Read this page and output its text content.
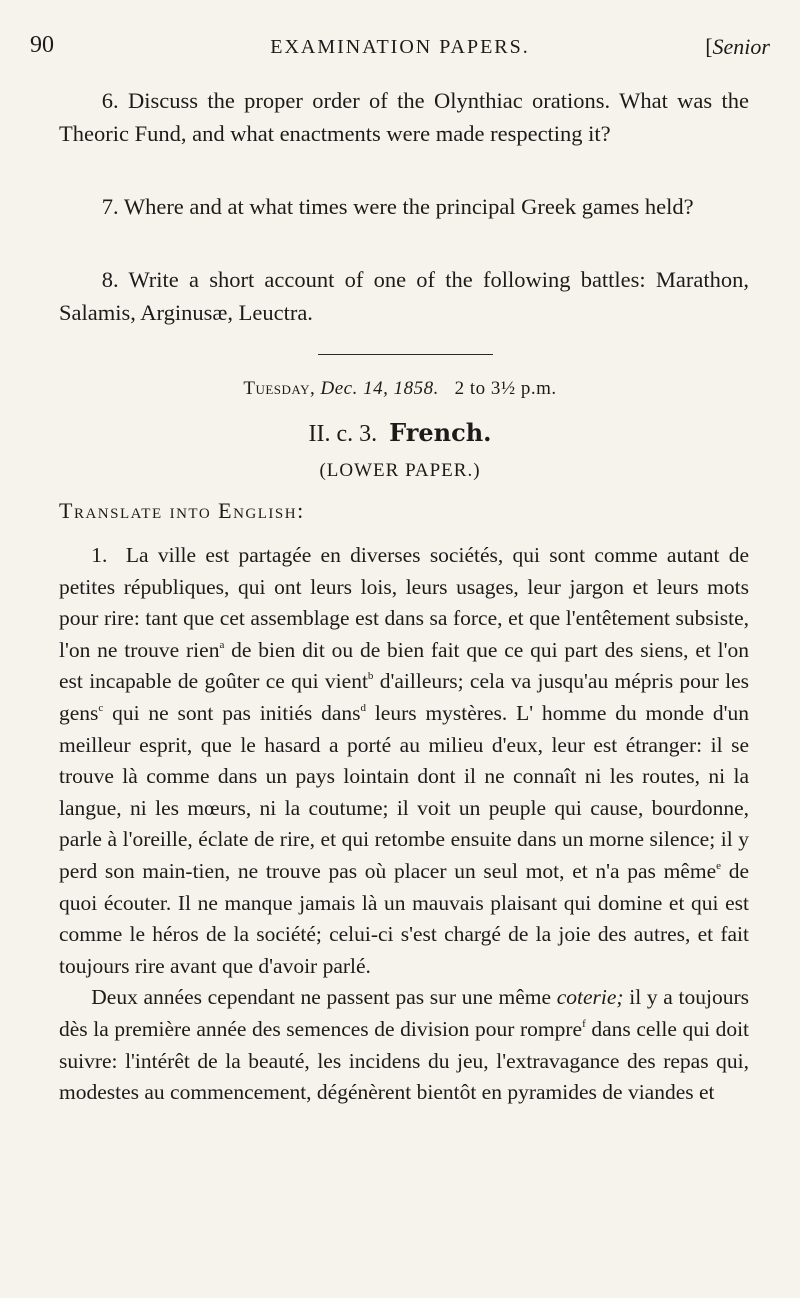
90	EXAMINATION PAPERS.	[Senior
6. Discuss the proper order of the Olynthiac orations. What was the Theoric Fund, and what enactments were made respecting it?
7. Where and at what times were the principal Greek games held?
8. Write a short account of one of the following battles: Marathon, Salamis, Arginusæ, Leuctra.
Tuesday, Dec. 14, 1858. 2 to 3½ p.m.
II. c. 3. French.
(LOWER PAPER.)
Translate into English:

1. La ville est partagée en diverses sociétés, qui sont comme autant de petites républiques, qui ont leurs lois, leurs usages, leur jargon et leurs mots pour rire: tant que cet assemblage est dans sa force, et que l'entêtement subsiste, l'on ne trouve rien$^a$ de bien dit ou de bien fait que ce qui part des siens, et l'on est incapable de goûter ce qui vient$^b$ d'ailleurs; cela va jusqu'au mépris pour les gens$^c$ qui ne sont pas initiés dans$^d$ leurs mystères. L' homme du monde d'un meilleur esprit, que le hasard a porté au milieu d'eux, leur est étranger: il se trouve là comme dans un pays lointain dont il ne connaît ni les routes, ni la langue, ni les mœurs, ni la coutume; il voit un peuple qui cause, bourdonne, parle à l'oreille, éclate de rire, et qui retombe ensuite dans un morne silence; il y perd son main-tien, ne trouve pas où placer un seul mot, et n'a pas même$^e$ de quoi écouter. Il ne manque jamais là un mauvais plaisant qui domine et qui est comme le héros de la société; celui-ci s'est chargé de la joie des autres, et fait toujours rire avant que d'avoir parlé.

Deux années cependant ne passent pas sur une même coterie; il y a toujours dès la première année des semences de division pour rompre$^f$ dans celle qui doit suivre: l'intérêt de la beauté, les incidens du jeu, l'extravagance des repas qui, modestes au commencement, dégénèrent bientôt en pyramides de viandes et
